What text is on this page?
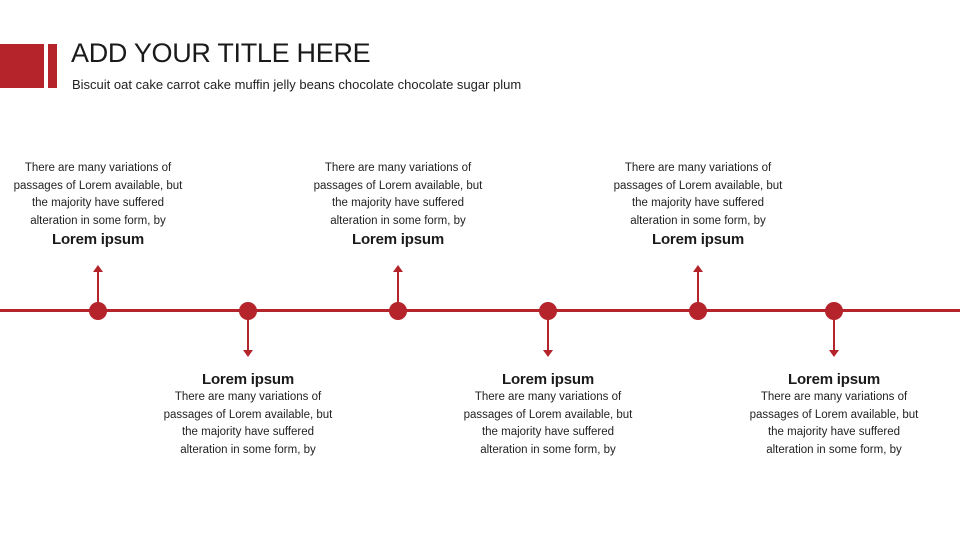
ADD YOUR TITLE HERE
Biscuit oat cake carrot cake muffin jelly beans chocolate chocolate sugar plum
There are many variations of
passages of Lorem available, but
the majority have suffered
alteration in some form, by
Lorem ipsum
Lorem ipsum
There are many variations of
passages of Lorem available, but
the majority have suffered
alteration in some form, by
There are many variations of
passages of Lorem available, but
the majority have suffered
alteration in some form, by
Lorem ipsum
Lorem ipsum
There are many variations of
passages of Lorem available, but
the majority have suffered
alteration in some form, by
There are many variations of
passages of Lorem available, but
the majority have suffered
alteration in some form, by
Lorem ipsum
Lorem ipsum
There are many variations of
passages of Lorem available, but
the majority have suffered
alteration in some form, by
